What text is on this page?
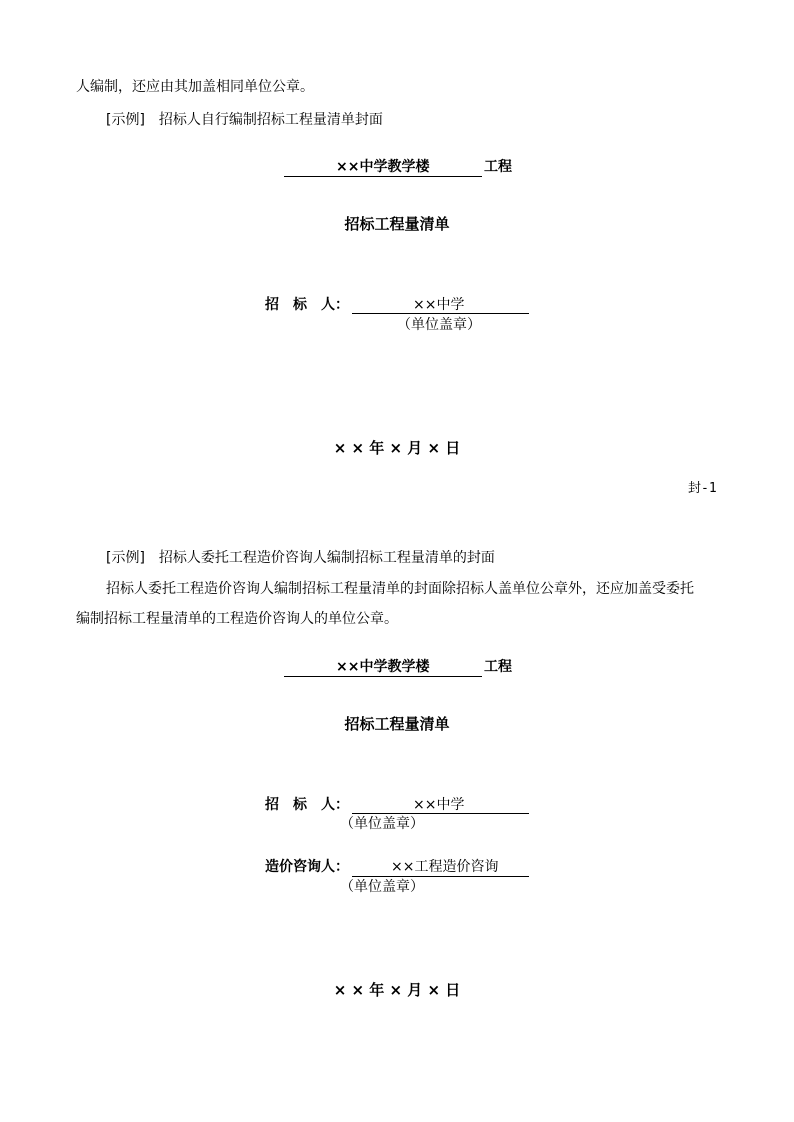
人编制，还应由其加盖相同单位公章。
[示例]　招标人自行编制招标工程量清单封面
××中学教学楼	工程
招标工程量清单
招　标　人：	××中学
（单位盖章）
× × 年 × 月 × 日
封-1
[示例]　招标人委托工程造价咨询人编制招标工程量清单的封面
招标人委托工程造价咨询人编制招标工程量清单的封面除招标人盖单位公章外，还应加盖受委托
编制招标工程量清单的工程造价咨询人的单位公章。
××中学教学楼	工程
招标工程量清单
招　标　人：	××中学
（单位盖章）
造价咨询人：	××工程造价咨询
（单位盖章）
× × 年 × 月 × 日
